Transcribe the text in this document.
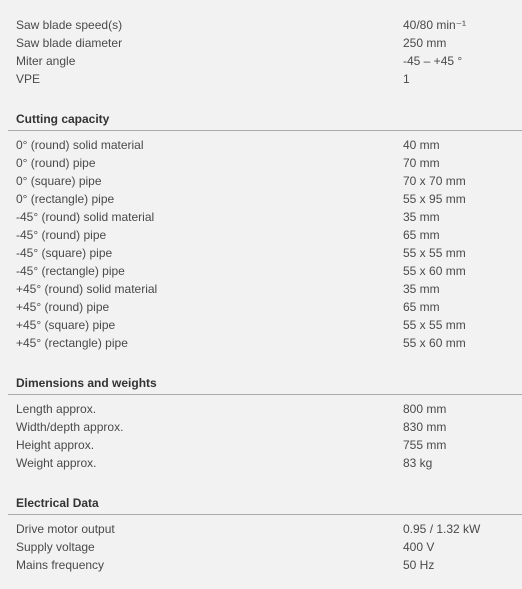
Saw blade speed(s)	40/80 min⁻¹
Saw blade diameter	250 mm
Miter angle	-45 – +45 °
VPE	1
Cutting capacity
0° (round) solid material	40 mm
0° (round) pipe	70 mm
0° (square) pipe	70 x 70 mm
0° (rectangle) pipe	55 x 95 mm
-45° (round) solid material	35 mm
-45° (round) pipe	65 mm
-45° (square) pipe	55 x 55 mm
-45° (rectangle) pipe	55 x 60 mm
+45° (round) solid material	35 mm
+45° (round) pipe	65 mm
+45° (square) pipe	55 x 55 mm
+45° (rectangle) pipe	55 x 60 mm
Dimensions and weights
Length approx.	800 mm
Width/depth approx.	830 mm
Height approx.	755 mm
Weight approx.	83 kg
Electrical Data
Drive motor output	0.95 / 1.32 kW
Supply voltage	400 V
Mains frequency	50 Hz
